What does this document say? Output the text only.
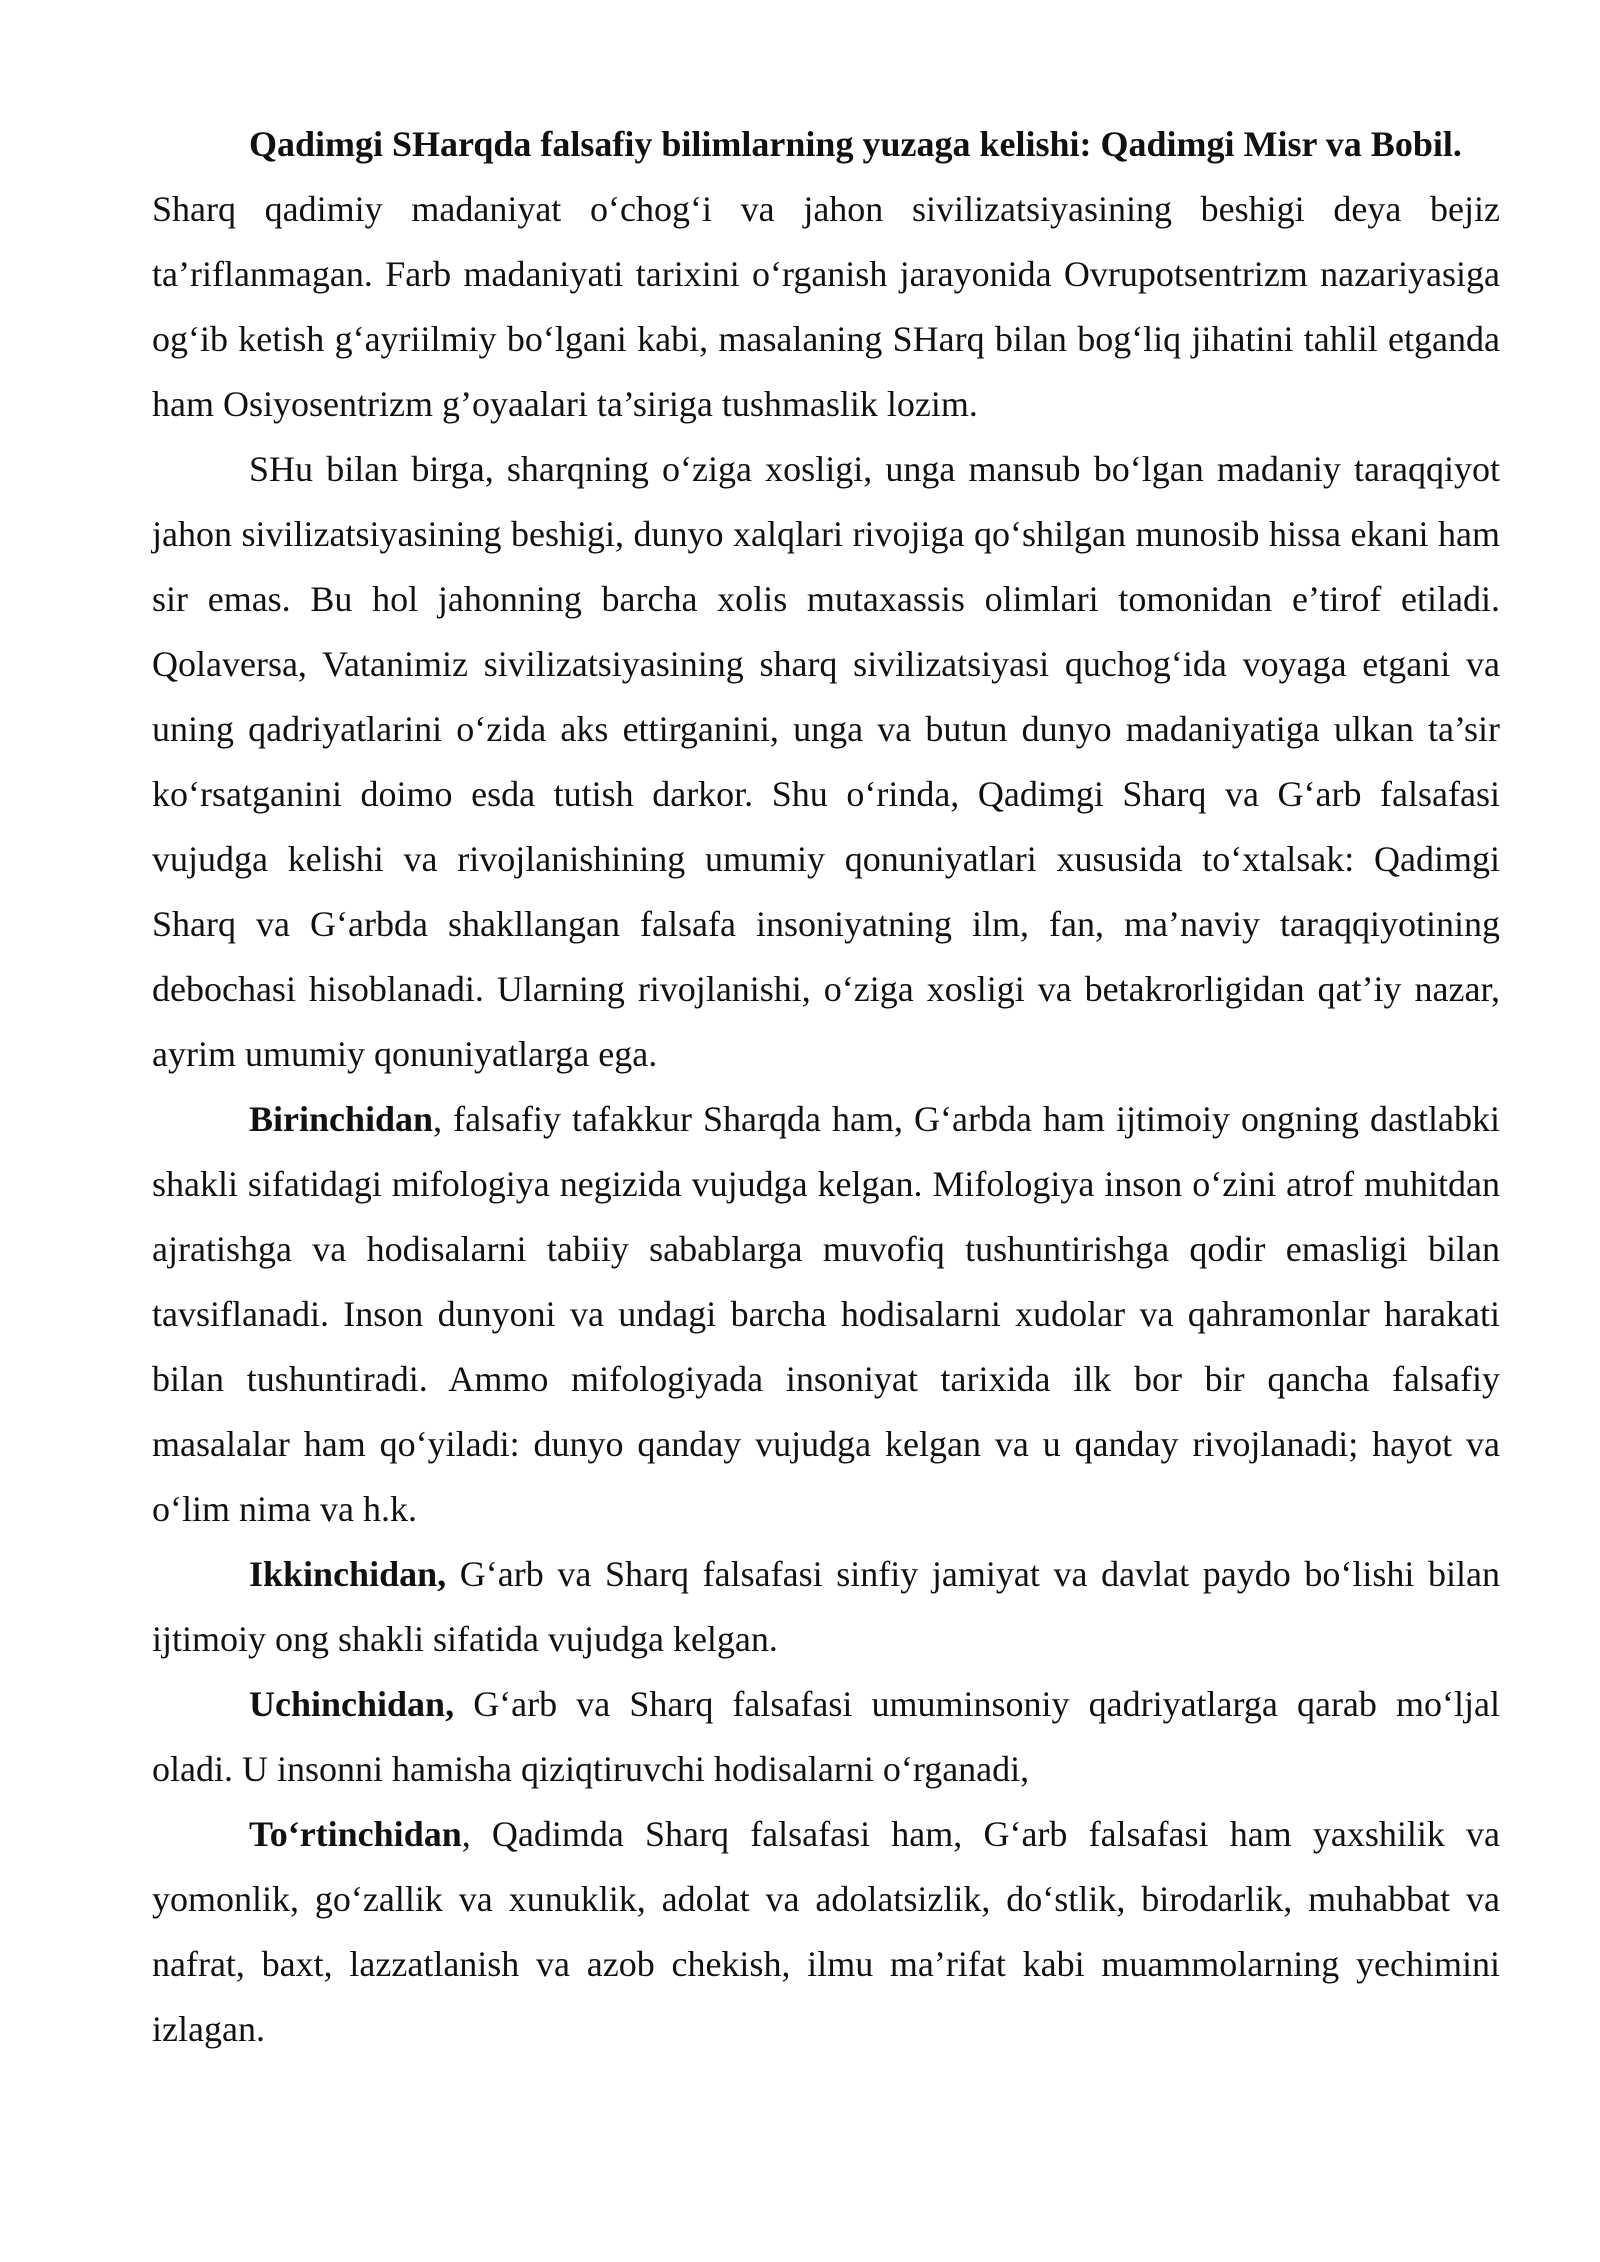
Qadimgi SHarqda falsafiy bilimlarning yuzaga kelishi: Qadimgi Misr va Bobil.
Sharq qadimiy madaniyat o‘chog‘i va jahon sivilizatsiyasining beshigi deya bejiz ta’riflanmagan. Farb madaniyati tarixini o‘rganish jarayonida Ovrupotsentrizm nazariyasiga og‘ib ketish g‘ayriilmiy bo‘lgani kabi, masalaning SHarq bilan bog‘liq jihatini tahlil etganda ham Osiyosentrizm g’oyaalari ta’siriga tushmaslik lozim.

SHu bilan birga, sharqning o‘ziga xosligi, unga mansub bo‘lgan madaniy taraqqiyot jahon sivilizatsiyasining beshigi, dunyo xalqlari rivojiga qo‘shilgan munosib hissa ekani ham sir emas. Bu hol jahonning barcha xolis mutaxassis olimlari tomonidan e’tirof etiladi. Qolaversa, Vatanimiz sivilizatsiyasining sharq sivilizatsiyasi quchog‘ida voyaga etgani va uning qadriyatlarini o‘zida aks ettirganini, unga va butun dunyo madaniyatiga ulkan ta’sir ko‘rsatganini doimo esda tutish darkor. Shu o‘rinda, Qadimgi Sharq va G‘arb falsafasi vujudga kelishi va rivojlanishining umumiy qonuniyatlari xususida to‘xtalsak: Qadimgi Sharq va G‘arbda shakllangan falsafa insoniyatning ilm, fan, ma’naviy taraqqiyotining debochasi hisoblanadi. Ularning rivojlanishi, o‘ziga xosligi va betakrorligidan qat’iy nazar, ayrim umumiy qonuniyatlarga ega.

Birinchidan, falsafiy tafakkur Sharqda ham, G‘arbda ham ijtimoiy ongning dastlabki shakli sifatidagi mifologiya negizida vujudga kelgan. Mifologiya inson o‘zini atrof muhitdan ajratishga va hodisalarni tabiiy sabablarga muvofiq tushuntirishga qodir emasligi bilan tavsiflanadi. Inson dunyoni va undagi barcha hodisalarni xudolar va qahramonlar harakati bilan tushuntiradi. Ammo mifologiyada insoniyat tarixida ilk bor bir qancha falsafiy masalalar ham qo‘yiladi: dunyo qanday vujudga kelgan va u qanday rivojlanadi; hayot va o‘lim nima va h.k.

Ikkinchidan, G‘arb va Sharq falsafasi sinfiy jamiyat va davlat paydo bo‘lishi bilan ijtimoiy ong shakli sifatida vujudga kelgan.

Uchinchidan, G‘arb va Sharq falsafasi umuminsoniy qadriyatlarga qarab mo‘ljal oladi. U insonni hamisha qiziqtiruvchi hodisalarni o‘rganadi,

To‘rtinchidan, Qadimda Sharq falsafasi ham, G‘arb falsafasi ham yaxshilik va yomonlik, go‘zallik va xunuklik, adolat va adolatsizlik, do‘stlik, birodarlik, muhabbat va nafrat, baxt, lazzatlanish va azob chekish, ilmu ma’rifat kabi muammolarning yechimini izlagan.
